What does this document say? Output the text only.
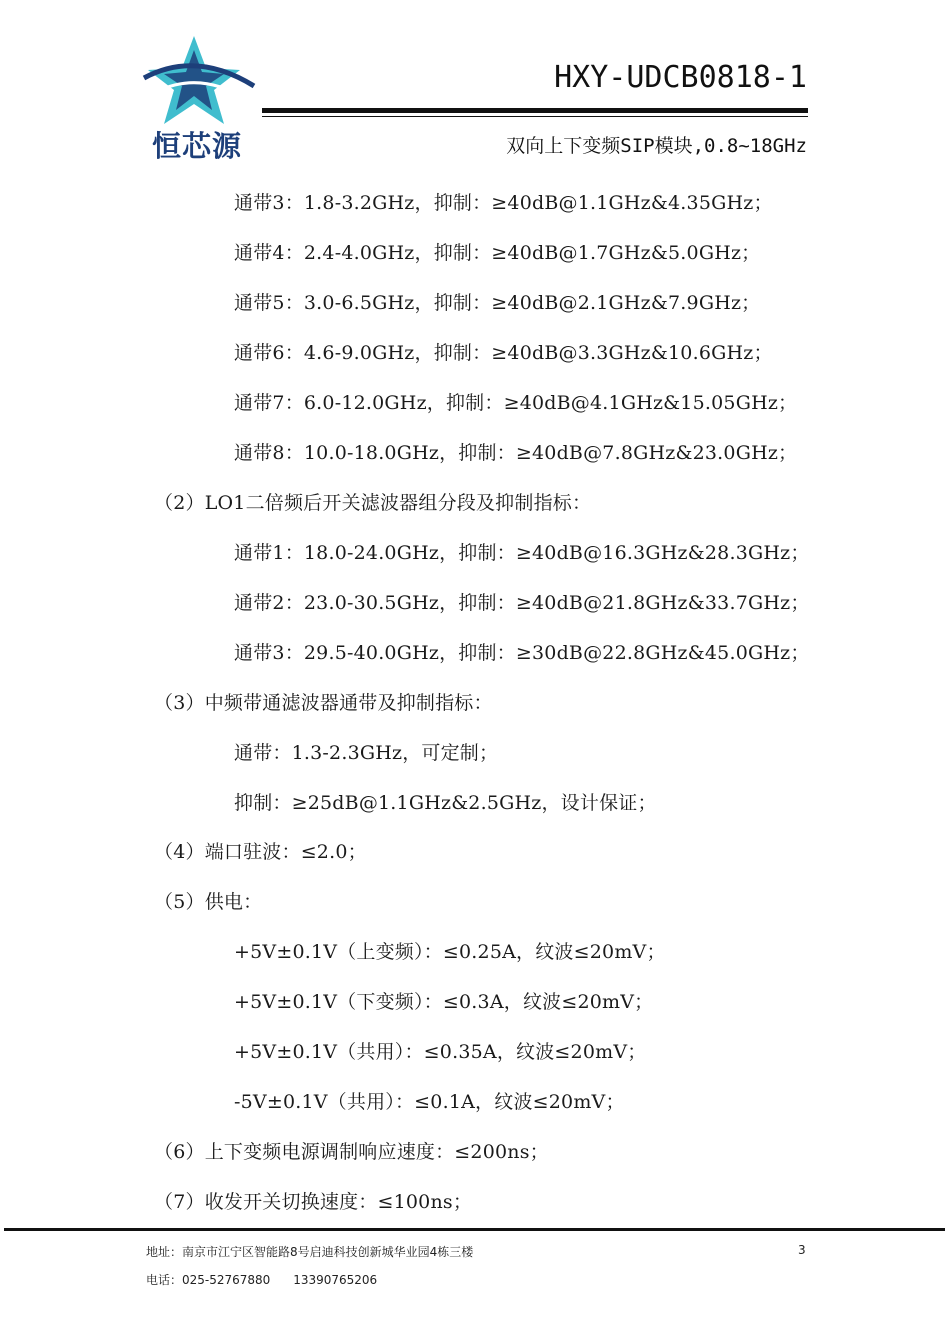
恒芯源
HXY-UDCB0818-1
双向上下变频SIP模块,0.8~18GHz
通带3：1.8-3.2GHz，抑制：≥40dB@1.1GHz&4.35GHz；
通带4：2.4-4.0GHz，抑制：≥40dB@1.7GHz&5.0GHz；
通带5：3.0-6.5GHz，抑制：≥40dB@2.1GHz&7.9GHz；
通带6：4.6-9.0GHz，抑制：≥40dB@3.3GHz&10.6GHz；
通带7：6.0-12.0GHz，抑制：≥40dB@4.1GHz&15.05GHz；
通带8：10.0-18.0GHz，抑制：≥40dB@7.8GHz&23.0GHz；
（2）LO1二倍频后开关滤波器组分段及抑制指标：
通带1：18.0-24.0GHz，抑制：≥40dB@16.3GHz&28.3GHz；
通带2：23.0-30.5GHz，抑制：≥40dB@21.8GHz&33.7GHz；
通带3：29.5-40.0GHz，抑制：≥30dB@22.8GHz&45.0GHz；
（3）中频带通滤波器通带及抑制指标：
通带：1.3-2.3GHz，可定制；
抑制：≥25dB@1.1GHz&2.5GHz，设计保证；
（4）端口驻波：≤2.0；
（5）供电：
+5V±0.1V（上变频）：≤0.25A，纹波≤20mV；
+5V±0.1V（下变频）：≤0.3A，纹波≤20mV；
+5V±0.1V（共用）：≤0.35A，纹波≤20mV；
-5V±0.1V（共用）：≤0.1A，纹波≤20mV；
（6）上下变频电源调制响应速度：≤200ns；
（7）收发开关切换速度：≤100ns；
地址：南京市江宁区智能路8号启迪科技创新城华业园4栋三楼	3
电话：025-52767880      13390765206
